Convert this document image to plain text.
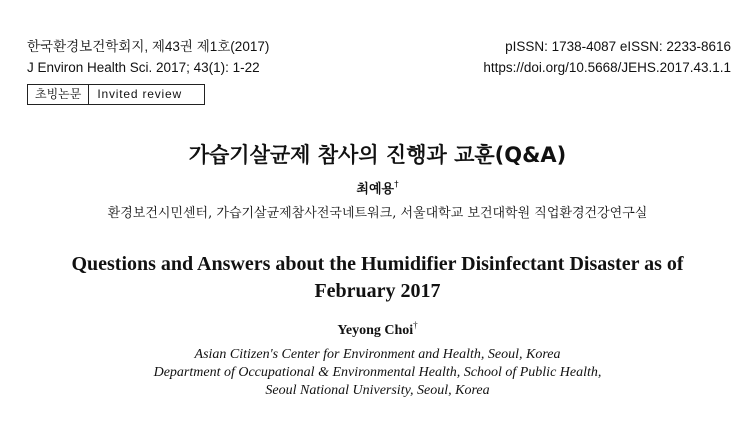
한국환경보건학회지, 제43권 제1호(2017)
J Environ Health Sci. 2017; 43(1): 1-22
pISSN: 1738-4087 eISSN: 2233-8616
https://doi.org/10.5668/JEHS.2017.43.1.1
초빙논문	Invited review
가습기살균제 참사의 진행과 교훈(Q&A)
최예용†
환경보건시민센터, 가습기살균제참사전국네트워크, 서울대학교 보건대학원 직업환경건강연구실
Questions and Answers about the Humidifier Disinfectant Disaster as of
February 2017
Yeyong Choi†
Asian Citizen's Center for Environment and Health, Seoul, Korea
Department of Occupational & Environmental Health, School of Public Health,
Seoul National University, Seoul, Korea
